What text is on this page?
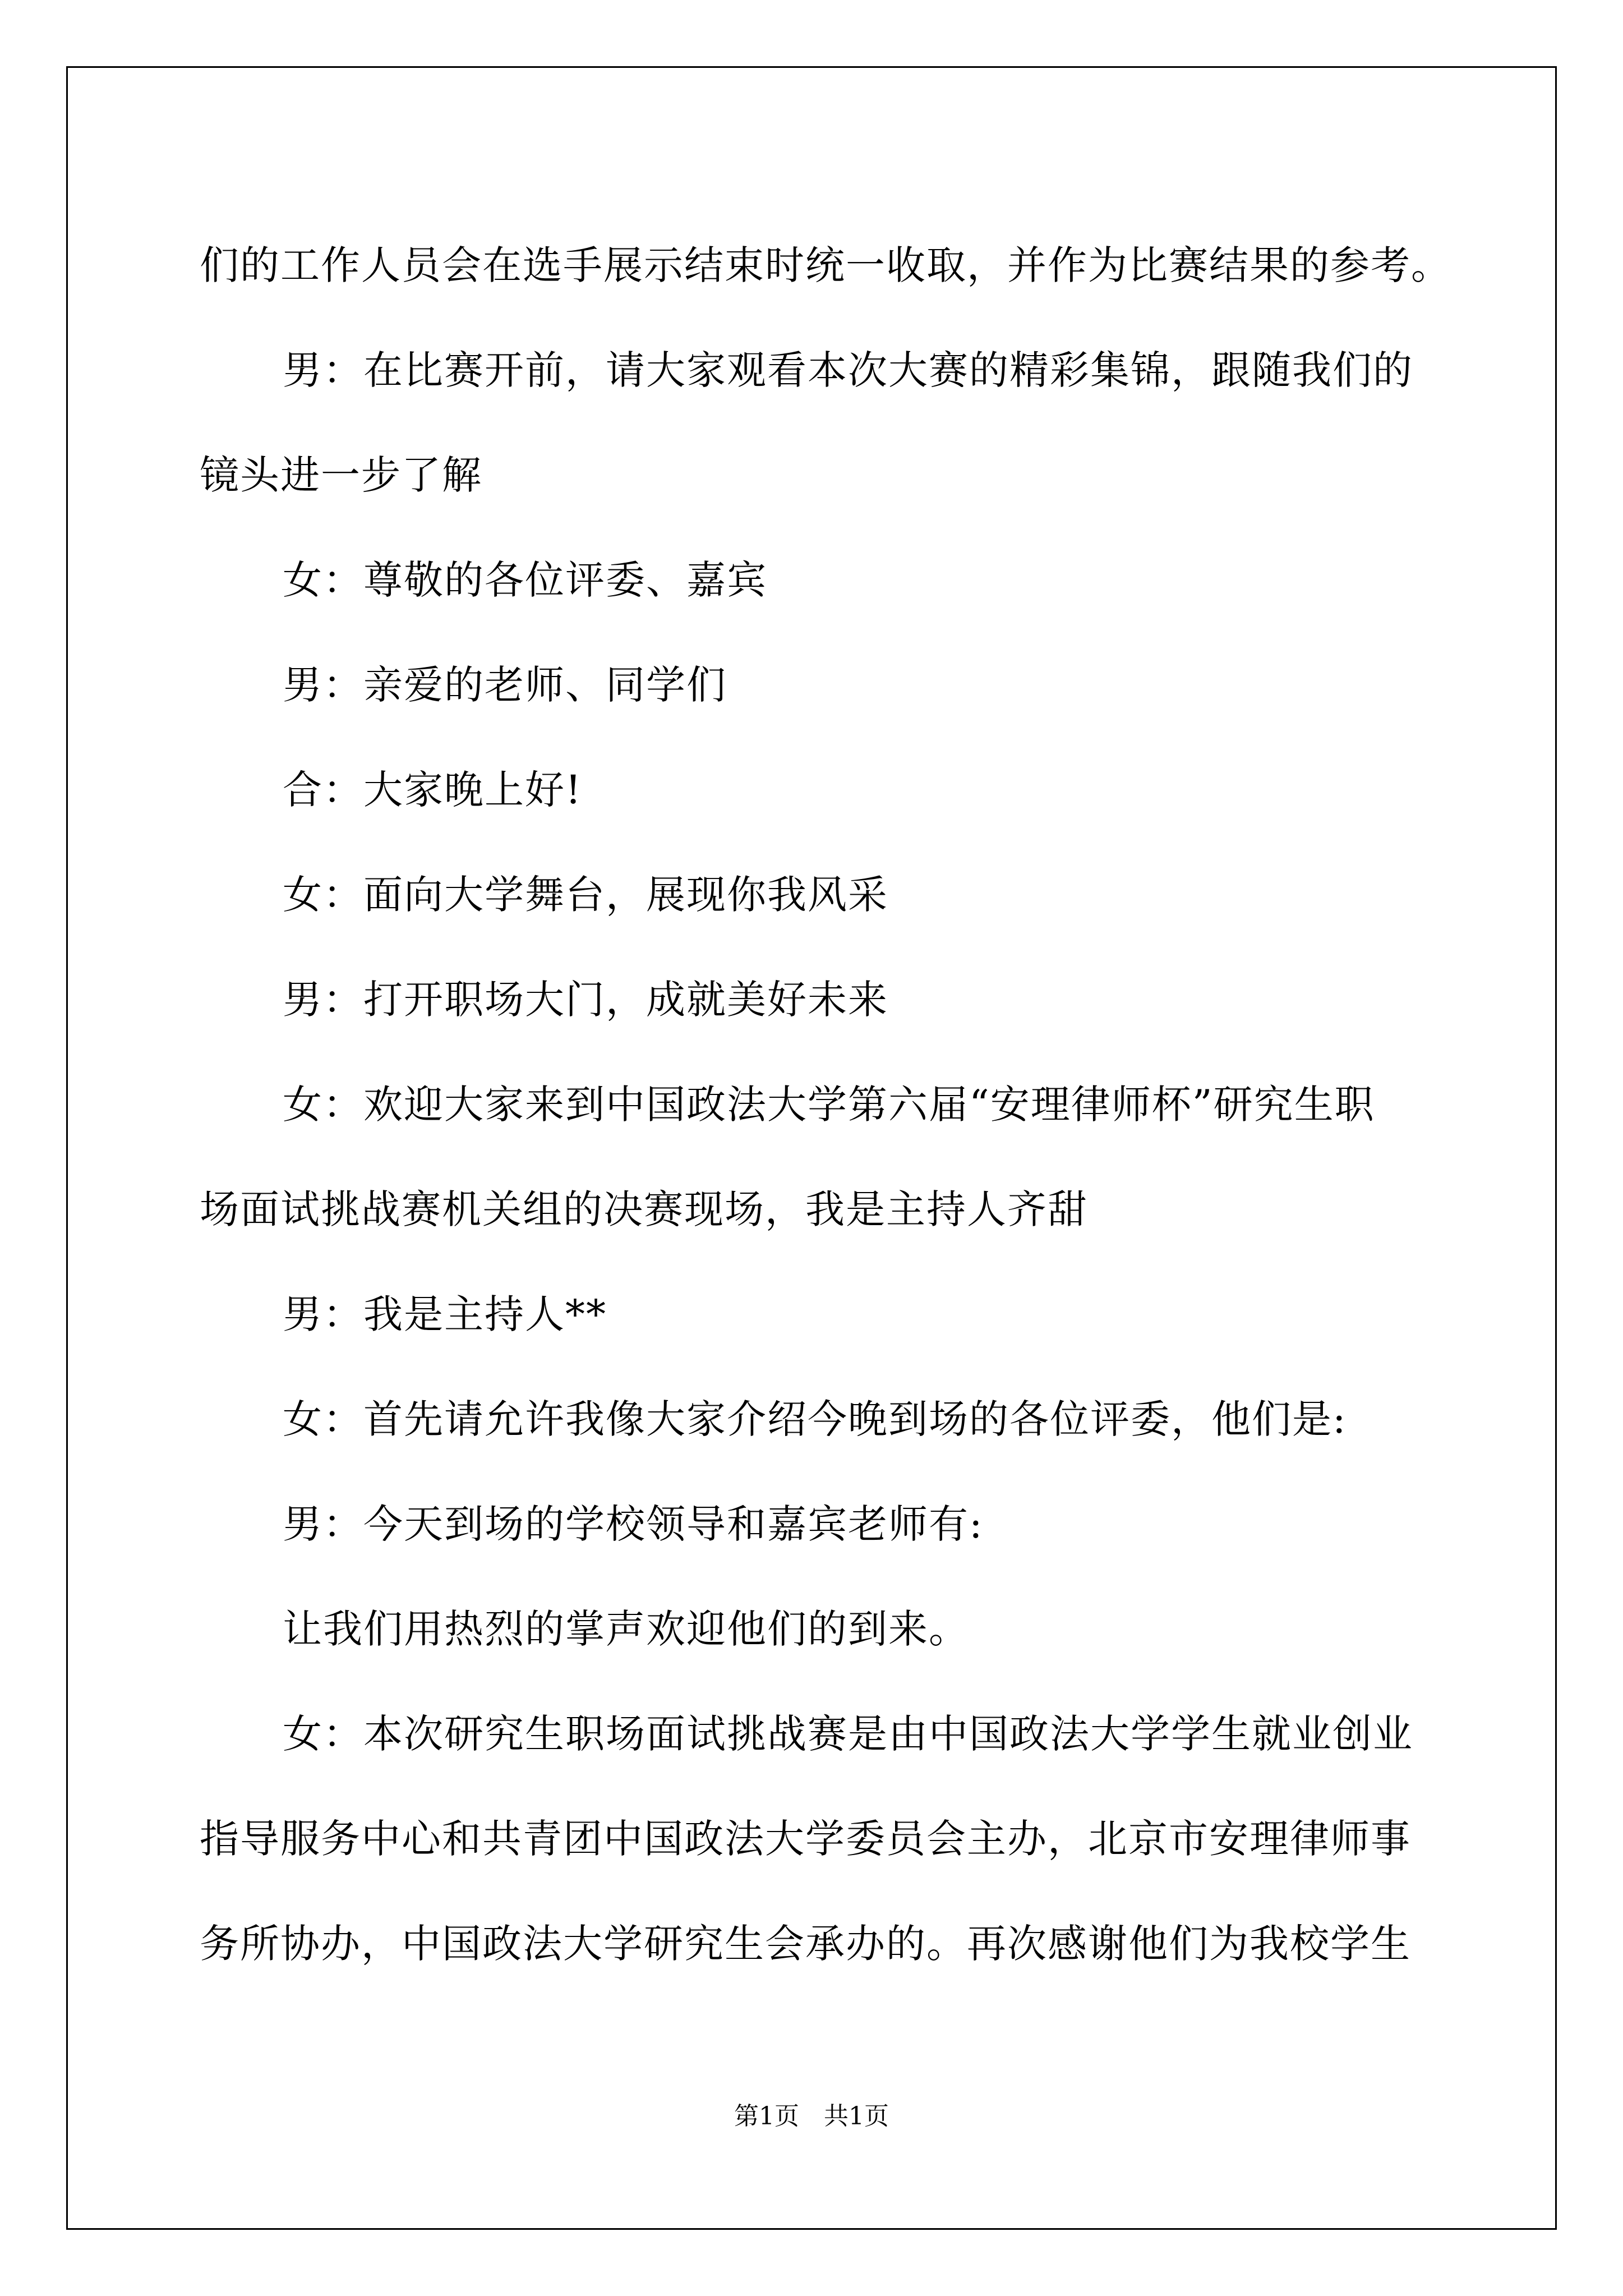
们的工作人员会在选手展示结束时统一收取，并作为比赛结果的参考。

男：在比赛开前，请大家观看本次大赛的精彩集锦，跟随我们的

镜头进一步了解

女：尊敬的各位评委、嘉宾

男：亲爱的老师、同学们

合：大家晚上好!

女：面向大学舞台，展现你我风采

男：打开职场大门，成就美好未来

女：欢迎大家来到中国政法大学第六届“安理律师杯”研究生职

场面试挑战赛机关组的决赛现场，我是主持人齐甜

男：我是主持人**

女：首先请允许我像大家介绍今晚到场的各位评委，他们是:

男：今天到场的学校领导和嘉宾老师有:

让我们用热烈的掌声欢迎他们的到来。

女：本次研究生职场面试挑战赛是由中国政法大学学生就业创业

指导服务中心和共青团中国政法大学委员会主办，北京市安理律师事

务所协办，中国政法大学研究生会承办的。再次感谢他们为我校学生

第1页　共1页
